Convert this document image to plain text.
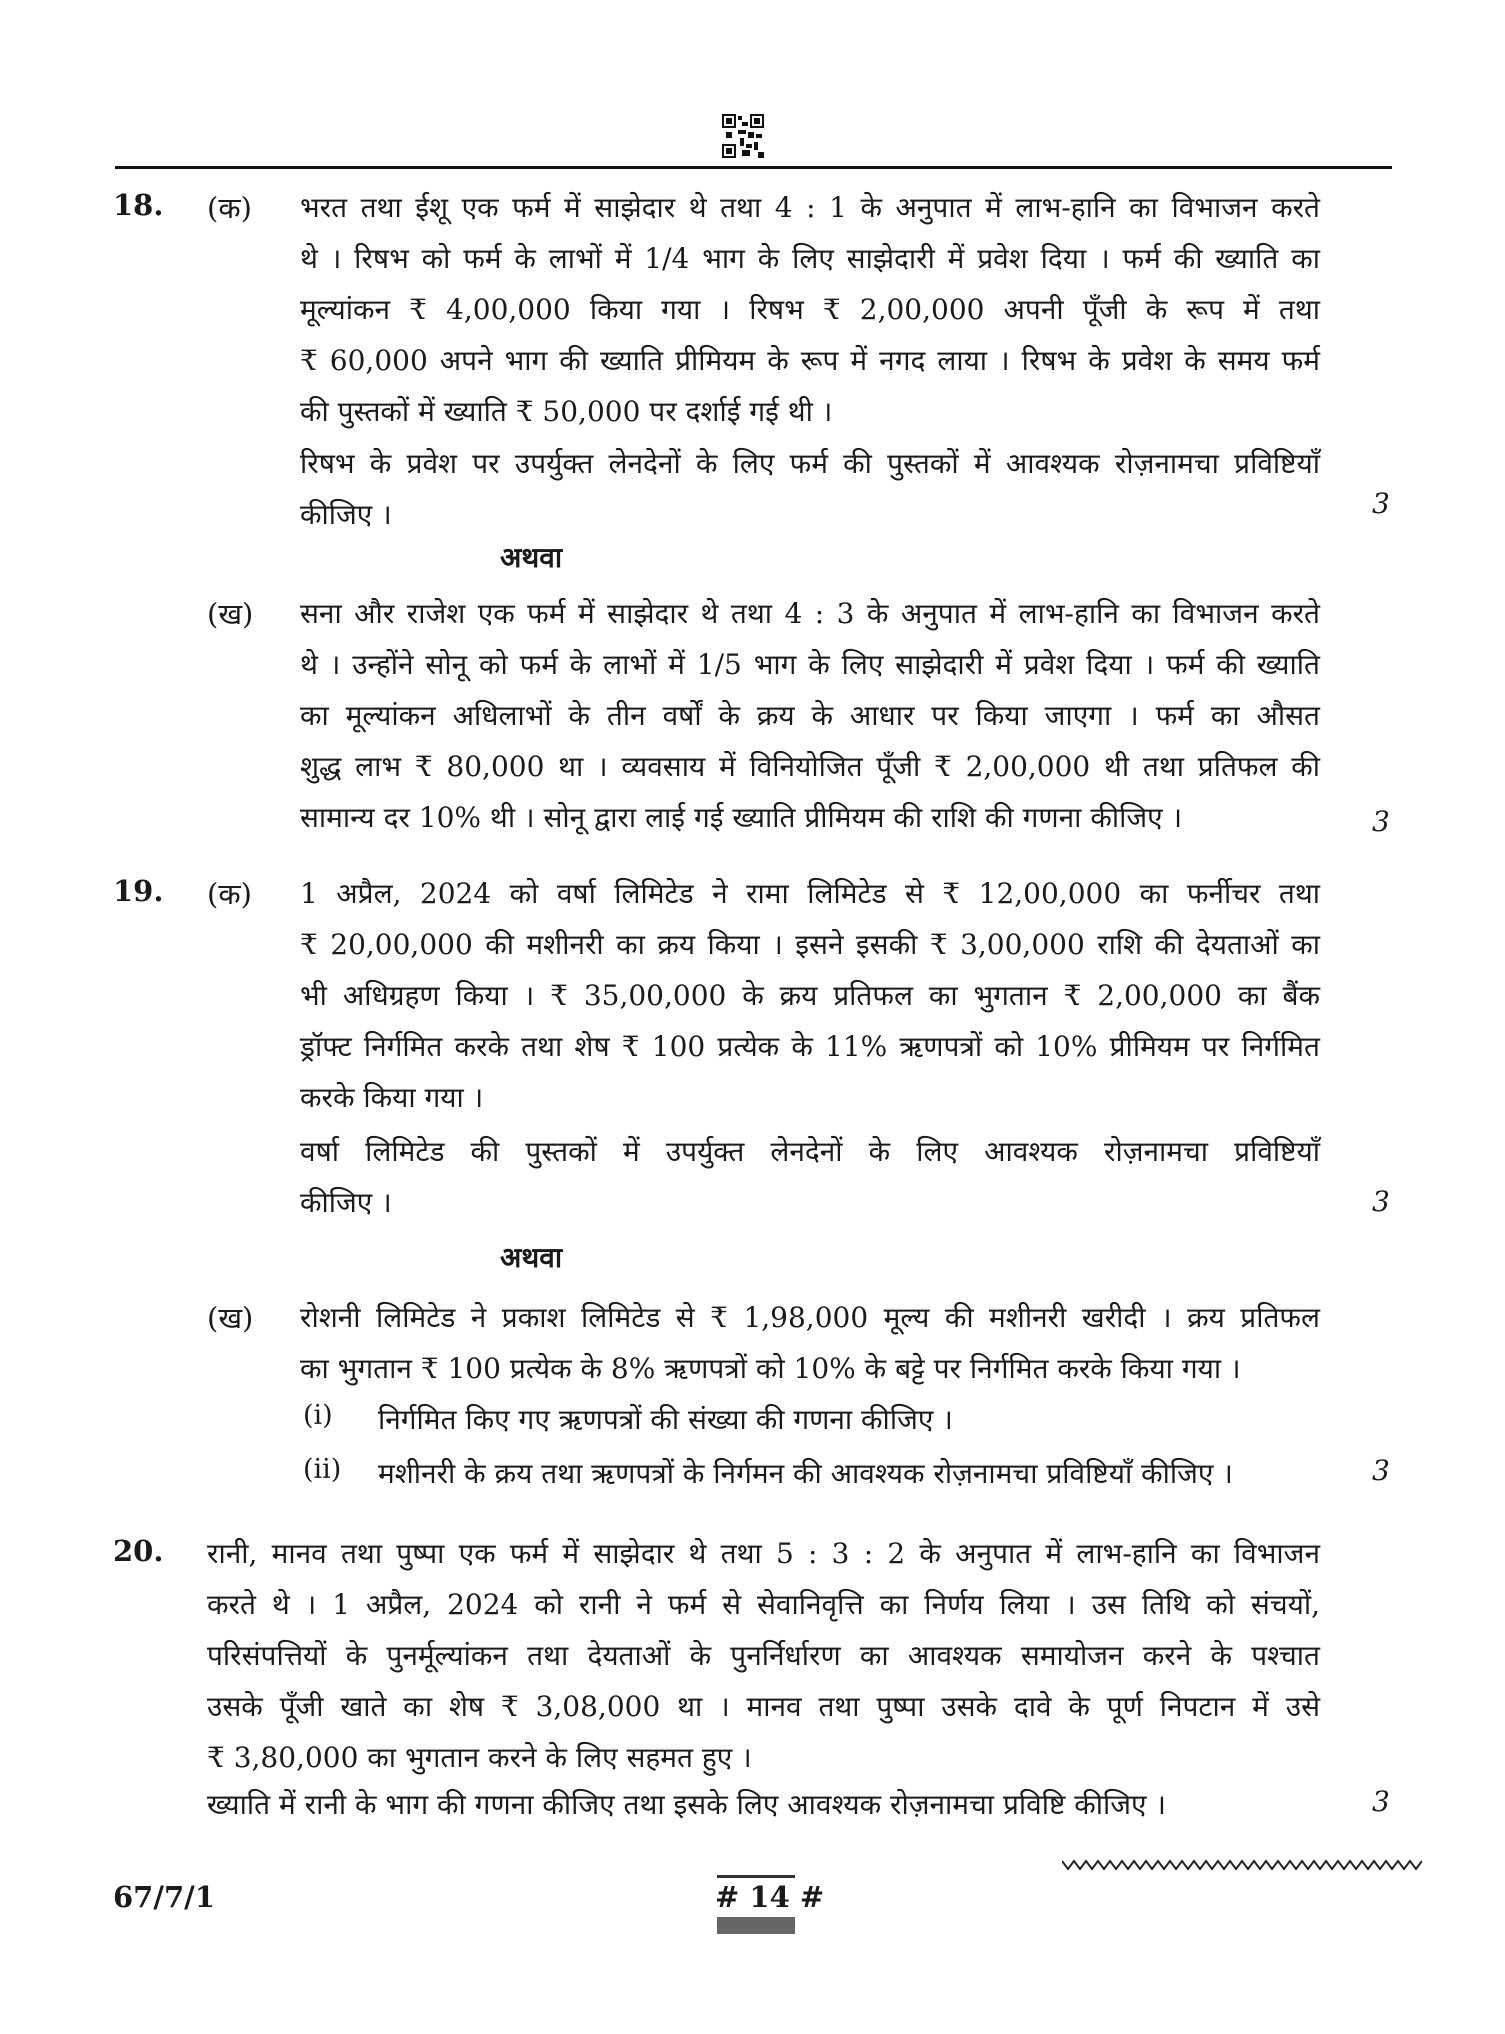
18. (क) भरत तथा ईशू एक फर्म में साझेदार थे तथा 4 : 1 के अनुपात में लाभ-हानि का विभाजन करते
थे । रिषभ को फर्म के लाभों में 1/4 भाग के लिए साझेदारी में प्रवेश दिया । फर्म की ख्याति का
मूल्यांकन ₹ 4,00,000 किया गया । रिषभ ₹ 2,00,000 अपनी पूँजी के रूप में तथा
₹ 60,000 अपने भाग की ख्याति प्रीमियम के रूप में नगद लाया । रिषभ के प्रवेश के समय फर्म
की पुस्तकों में ख्याति ₹ 50,000 पर दर्शाई गई थी ।
रिषभ के प्रवेश पर उपर्युक्त लेनदेनों के लिए फर्म की पुस्तकों में आवश्यक रोज़नामचा प्रविष्टियाँ
कीजिए ।	3
अथवा
(ख) सना और राजेश एक फर्म में साझेदार थे तथा 4 : 3 के अनुपात में लाभ-हानि का विभाजन करते
थे । उन्होंने सोनू को फर्म के लाभों में 1/5 भाग के लिए साझेदारी में प्रवेश दिया । फर्म की ख्याति
का मूल्यांकन अधिलाभों के तीन वर्षों के क्रय के आधार पर किया जाएगा । फर्म का औसत
शुद्ध लाभ ₹ 80,000 था । व्यवसाय में विनियोजित पूँजी ₹ 2,00,000 थी तथा प्रतिफल की
सामान्य दर 10% थी । सोनू द्वारा लाई गई ख्याति प्रीमियम की राशि की गणना कीजिए ।	3
19. (क) 1 अप्रैल, 2024 को वर्षा लिमिटेड ने रामा लिमिटेड से ₹ 12,00,000 का फर्नीचर तथा
₹ 20,00,000 की मशीनरी का क्रय किया । इसने इसकी ₹ 3,00,000 राशि की देयताओं का
भी अधिग्रहण किया । ₹ 35,00,000 के क्रय प्रतिफल का भुगतान ₹ 2,00,000 का बैंक
ड्रॉफ्ट निर्गमित करके तथा शेष ₹ 100 प्रत्येक के 11% ऋणपत्रों को 10% प्रीमियम पर निर्गमित
करके किया गया ।
वर्षा लिमिटेड की पुस्तकों में उपर्युक्त लेनदेनों के लिए आवश्यक रोज़नामचा प्रविष्टियाँ
कीजिए ।	3
अथवा
(ख) रोशनी लिमिटेड ने प्रकाश लिमिटेड से ₹ 1,98,000 मूल्य की मशीनरी खरीदी । क्रय प्रतिफल
का भुगतान ₹ 100 प्रत्येक के 8% ऋणपत्रों को 10% के बट्टे पर निर्गमित करके किया गया ।
(i) निर्गमित किए गए ऋणपत्रों की संख्या की गणना कीजिए ।
(ii) मशीनरी के क्रय तथा ऋणपत्रों के निर्गमन की आवश्यक रोज़नामचा प्रविष्टियाँ कीजिए ।	3
20. रानी, मानव तथा पुष्पा एक फर्म में साझेदार थे तथा 5 : 3 : 2 के अनुपात में लाभ-हानि का विभाजन
करते थे । 1 अप्रैल, 2024 को रानी ने फर्म से सेवानिवृत्ति का निर्णय लिया । उस तिथि को संचयों,
परिसंपत्तियों के पुनर्मूल्यांकन तथा देयताओं के पुनर्निर्धारण का आवश्यक समायोजन करने के पश्चात
उसके पूँजी खाते का शेष ₹ 3,08,000 था । मानव तथा पुष्पा उसके दावे के पूर्ण निपटान में उसे
₹ 3,80,000 का भुगतान करने के लिए सहमत हुए ।
ख्याति में रानी के भाग की गणना कीजिए तथा इसके लिए आवश्यक रोज़नामचा प्रविष्टि कीजिए ।	3
67/7/1	# 14 #
